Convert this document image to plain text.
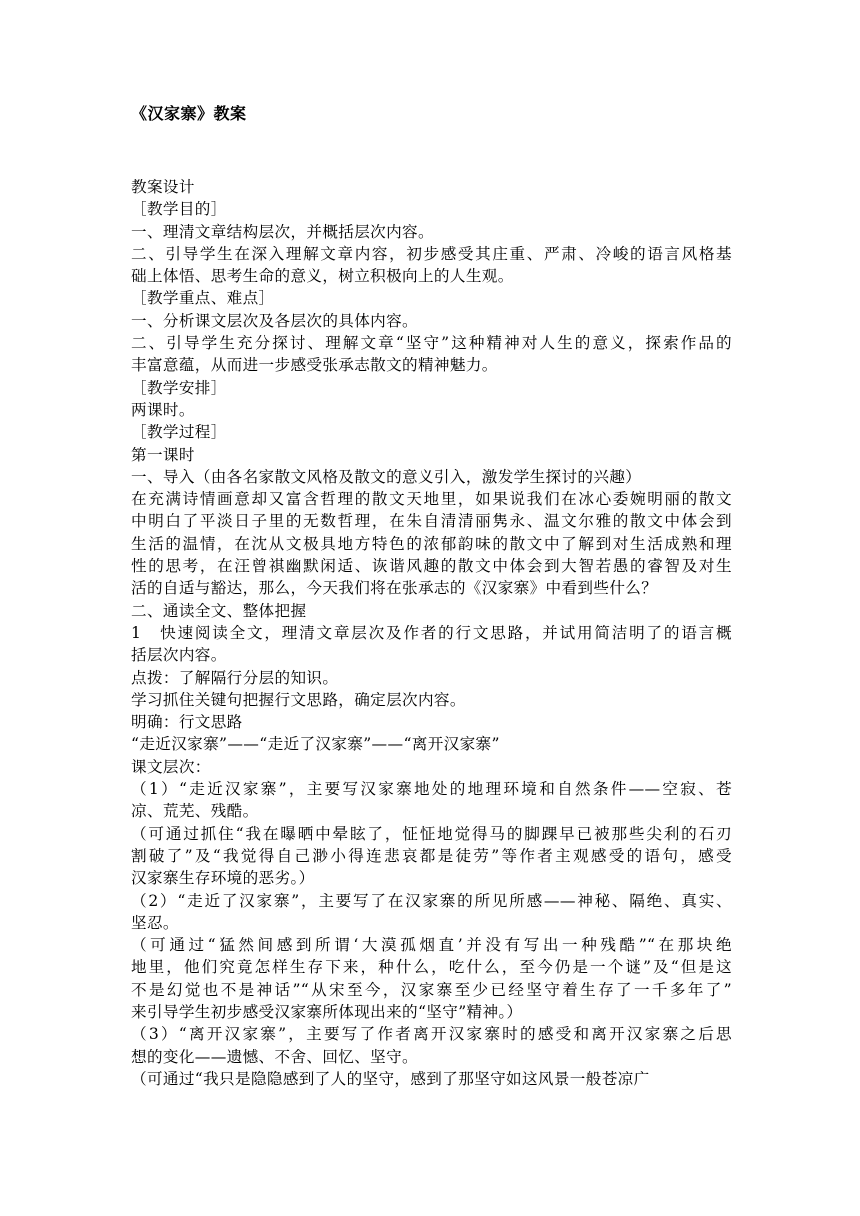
《汉家寨》教案
教案设计
［教学目的］
一、理清文章结构层次，并概括层次内容。
二、引导学生在深入理解文章内容，初步感受其庄重、严肃、冷峻的语言风格基
础上体悟、思考生命的意义，树立积极向上的人生观。
［教学重点、难点］
一、分析课文层次及各层次的具体内容。
二、引导学生充分探讨、理解文章“坚守”这种精神对人生的意义，探索作品的
丰富意蕴，从而进一步感受张承志散文的精神魅力。
［教学安排］
两课时。
［教学过程］
第一课时
一、导入（由各名家散文风格及散文的意义引入，激发学生探讨的兴趣）
在充满诗情画意却又富含哲理的散文天地里，如果说我们在冰心委婉明丽的散文
中明白了平淡日子里的无数哲理，在朱自清清丽隽永、温文尔雅的散文中体会到
生活的温情，在沈从文极具地方特色的浓郁韵味的散文中了解到对生活成熟和理
性的思考，在汪曾祺幽默闲适、诙谐风趣的散文中体会到大智若愚的睿智及对生
活的自适与豁达，那么，今天我们将在张承志的《汉家寨》中看到些什么？
二、通读全文、整体把握
1　快速阅读全文，理清文章层次及作者的行文思路，并试用简洁明了的语言概
括层次内容。
点拨：了解隔行分层的知识。
学习抓住关键句把握行文思路，确定层次内容。
明确：行文思路
“走近汉家寨”——“走近了汉家寨”——“离开汉家寨”
课文层次：
（1）“走近汉家寨”，主要写汉家寨地处的地理环境和自然条件——空寂、苍
凉、荒芜、残酷。
（可通过抓住“我在曝晒中晕眩了，怔怔地觉得马的脚踝早已被那些尖利的石刃
割破了”及“我觉得自己渺小得连悲哀都是徒劳”等作者主观感受的语句，感受
汉家寨生存环境的恶劣。）
（2）“走近了汉家寨”，主要写了在汉家寨的所见所感——神秘、隔绝、真实、
坚忍。
（可通过“猛然间感到所谓‘大漠孤烟直’并没有写出一种残酷”“在那块绝
地里，他们究竟怎样生存下来，种什么，吃什么，至今仍是一个谜”及“但是这
不是幻觉也不是神话”“从宋至今，汉家寨至少已经坚守着生存了一千多年了”
来引导学生初步感受汉家寨所体现出来的“坚守”精神。）
（3）“离开汉家寨”，主要写了作者离开汉家寨时的感受和离开汉家寨之后思
想的变化——遗憾、不舍、回忆、坚守。
（可通过“我只是隐隐感到了人的坚守，感到了那坚守如这风景一般苍凉广
